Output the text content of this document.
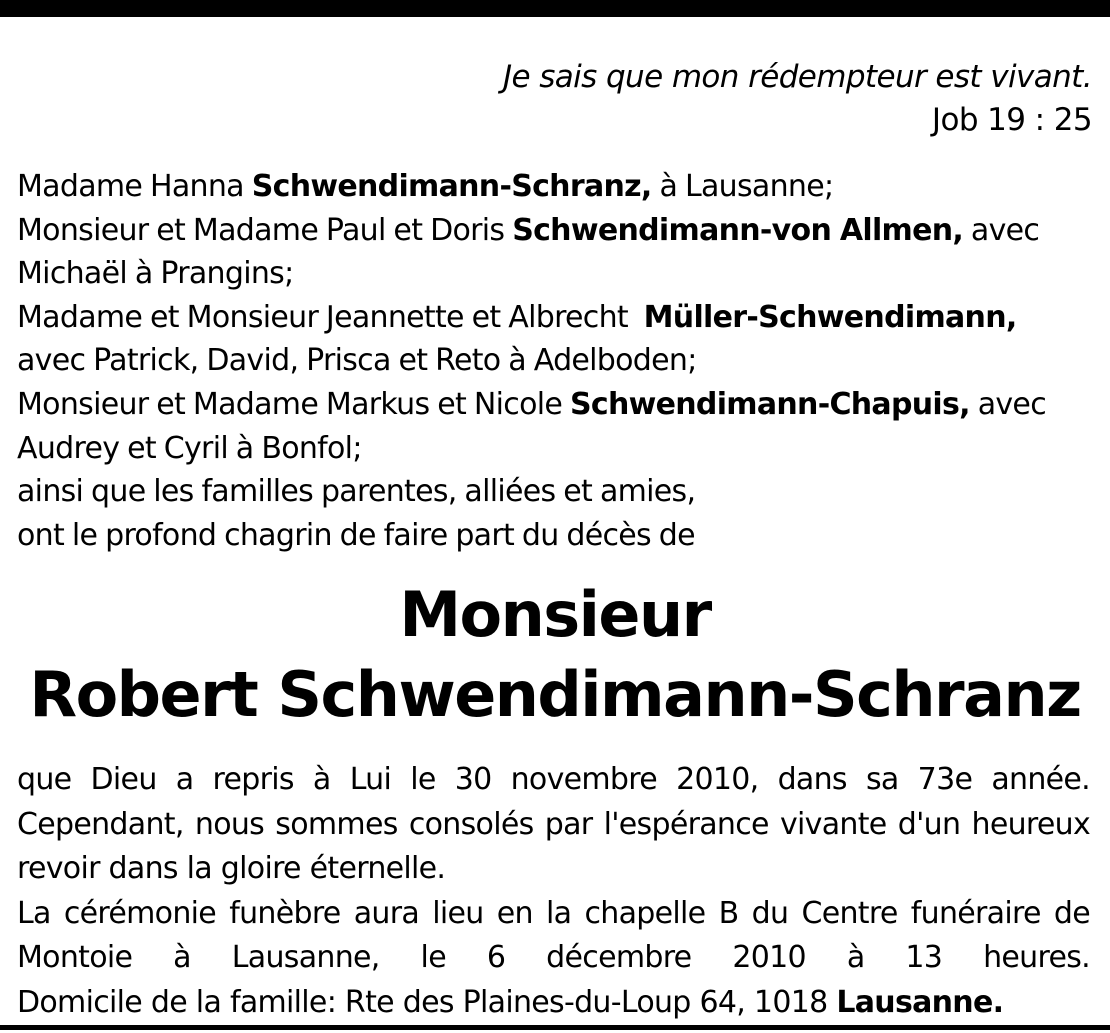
Je sais que mon rédempteur est vivant.
Job 19 : 25
Madame Hanna Schwendimann-Schranz, à Lausanne;
Monsieur et Madame Paul et Doris Schwendimann-von Allmen, avec
Michaël à Prangins;
Madame et Monsieur Jeannette et Albrecht  Müller-Schwendimann,
avec Patrick, David, Prisca et Reto à Adelboden;
Monsieur et Madame Markus et Nicole Schwendimann-Chapuis, avec
Audrey et Cyril à Bonfol;
ainsi que les familles parentes, alliées et amies,
ont le profond chagrin de faire part du décès de
Monsieur
Robert Schwendimann-Schranz
que Dieu a repris à Lui le 30 novembre 2010, dans sa 73e année.
Cependant, nous sommes consolés par l'espérance vivante d'un heureux
revoir dans la gloire éternelle.
La cérémonie funèbre aura lieu en la chapelle B du Centre funéraire de
Montoie à Lausanne, le 6 décembre 2010 à 13 heures.
Domicile de la famille: Rte des Plaines-du-Loup 64, 1018 Lausanne.
